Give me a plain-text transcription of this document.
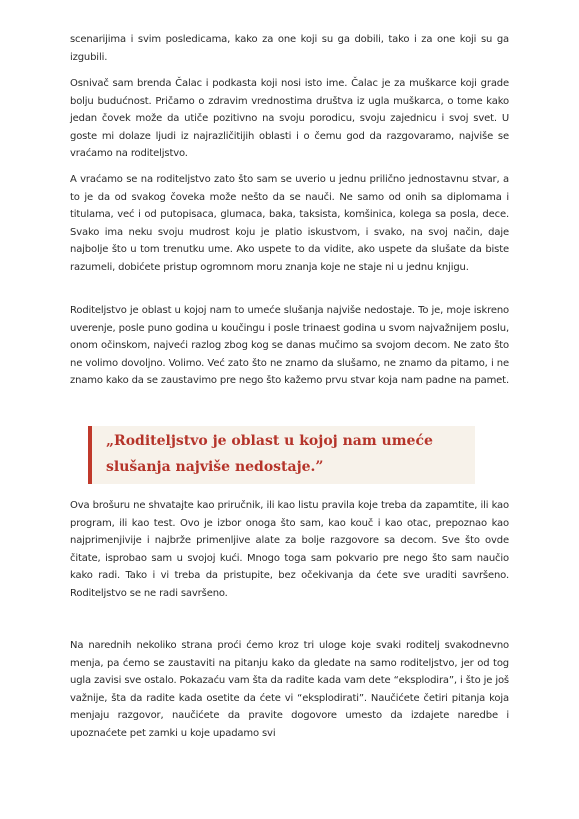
scenarijima i svim posledicama, kako za one koji su ga dobili, tako i za one koji su ga izgubili.

Osnivač sam brenda Čalac i podkasta koji nosi isto ime. Čalac je za muškarce koji grade bolju budućnost. Pričamo o zdravim vrednostima društva iz ugla muškarca, o tome kako jedan čovek može da utiče pozitivno na svoju porodicu, svoju zajednicu i svoj svet. U goste mi dolaze ljudi iz najrazličitijih oblasti i o čemu god da razgovaramo, najviše se vraćamo na roditeljstvo.

A vraćamo se na roditeljstvo zato što sam se uverio u jednu prilično jednostavnu stvar, a to je da od svakog čoveka može nešto da se nauči. Ne samo od onih sa diplomama i titulama, već i od putopisaca, glumaca, baka, taksista, komšinica, kolega sa posla, dece. Svako ima neku svoju mudrost koju je platio iskustvom, i svako, na svoj način, daje najbolje što u tom trenutku ume. Ako uspete to da vidite, ako uspete da slušate da biste razumeli, dobićete pristup ogromnom moru znanja koje ne staje ni u jednu knjigu.

Roditeljstvo je oblast u kojoj nam to umeće slušanja najviše nedostaje. To je, moje iskreno uverenje, posle puno godina u koučingu i posle trinaest godina u svom najvažnijem poslu, onom očinskom, najveći razlog zbog kog se danas mučimo sa svojom decom. Ne zato što ne volimo dovoljno. Volimo. Već zato što ne znamo da slušamo, ne znamo da pitamo, i ne znamo kako da se zaustavimo pre nego što kažemo prvu stvar koja nam padne na pamet.

„Roditeljstvo je oblast u kojoj nam umeće slušanja najviše nedostaje.”

Ova brošuru ne shvatajte kao priručnik, ili kao listu pravila koje treba da zapamtite, ili kao program, ili kao test. Ovo je izbor onoga što sam, kao kouč i kao otac, prepoznao kao najprimenjivije i najbrže primenljive alate za bolje razgovore sa decom. Sve što ovde čitate, isprobao sam u svojoj kući. Mnogo toga sam pokvario pre nego što sam naučio kako radi. Tako i vi treba da pristupite, bez očekivanja da ćete sve uraditi savršeno. Roditeljstvo se ne radi savršeno.

Na narednih nekoliko strana proći ćemo kroz tri uloge koje svaki roditelj svakodnevno menja, pa ćemo se zaustaviti na pitanju kako da gledate na samo roditeljstvo, jer od tog ugla zavisi sve ostalo. Pokazaću vam šta da radite kada vam dete “eksplodira”, i što je još važnije, šta da radite kada osetite da ćete vi “eksplodirati”. Naučićete četiri pitanja koja menjaju razgovor, naučićete da pravite dogovore umesto da izdajete naredbe i upoznaćete pet zamki u koje upadamo svi
